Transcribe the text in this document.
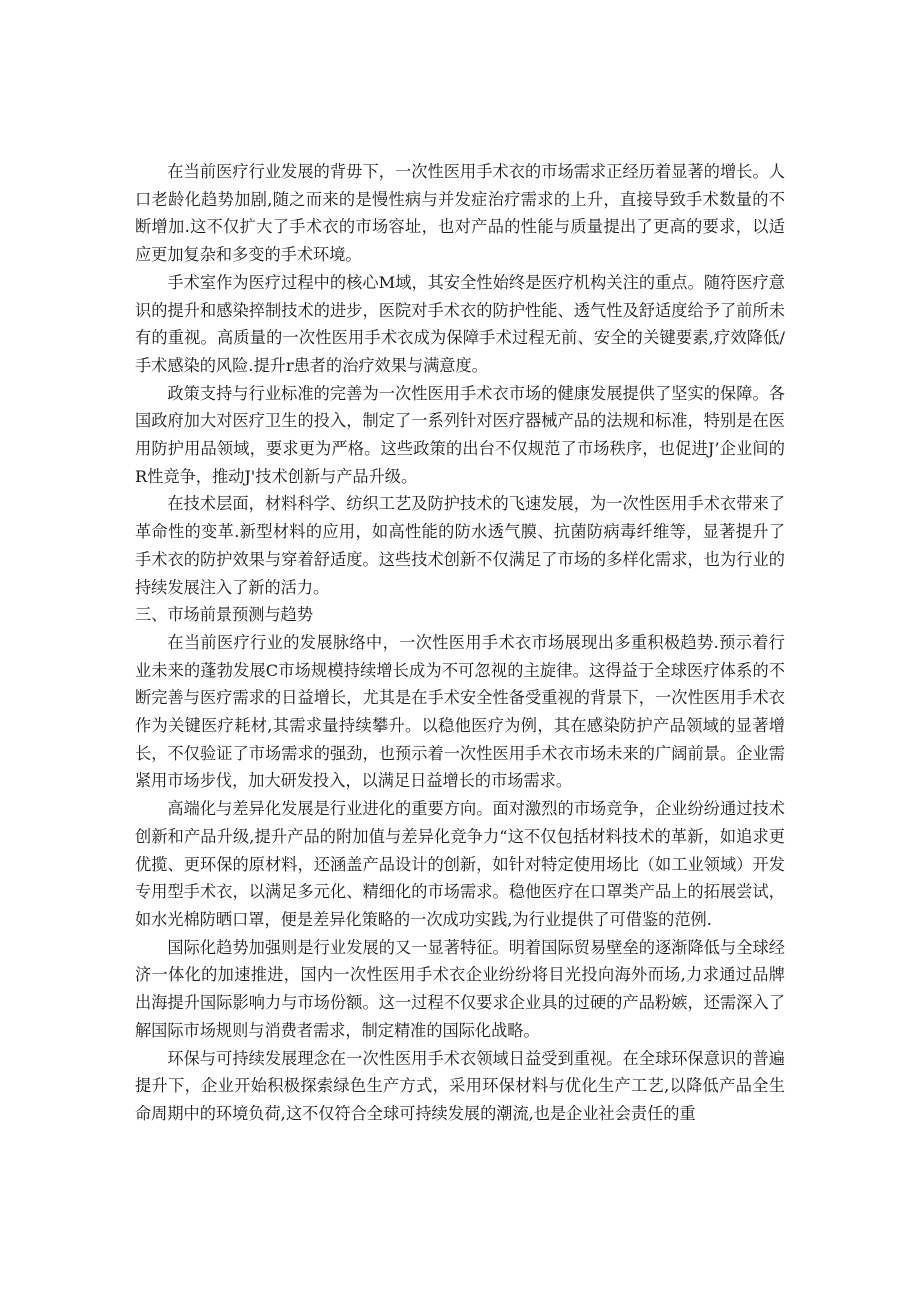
在当前医疗行业发展的背毋下，一次性医用手术衣的市场需求正经历着显著的增长。人口老龄化趋势加剧,随之而来的是慢性病与并发症治疗需求的上升，直接导致手术数量的不断增加.这不仅扩大了手术衣的市场容址，也对产品的性能与质量提出了更高的要求，以适应更加复杂和多变的手术环境。

手术室作为医疗过程中的核心M域，其安全性始终是医疗机构关注的重点。随符医疗意识的提升和感染捽制技术的进步，医院对手术衣的防护性能、透气性及舒适度给予了前所未有的重视。高质量的一次性医用手术衣成为保障手术过程无前、安全的关键要素,疗效降低/手术感染的风险.提升r患者的治疗效果与满意度。

政策支持与行业标准的完善为一次性医用手术衣市场的健康发展提供了坚实的保障。各国政府加大对医疗卫生的投入，制定了一系列针对医疗器械产品的法规和标准，特别是在医用防护用品领域，要求更为严格。这些政策的出台不仅规范了市场秩序，也促进J’企业间的R性竞争，推动J'技术创新与产品升级。

在技术层面，材料科学、纺织工艺及防护技术的飞速发展，为一次性医用手术衣带来了革命性的变革.新型材料的应用，如高性能的防水透气膜、抗菌防病毒纤维等，显著提升了手术衣的防护效果与穿着舒适度。这些技术创新不仅满足了市场的多样化需求，也为行业的持续发展注入了新的活力。

三、市场前景预测与趋势

在当前医疗行业的发展脉络中，一次性医用手术衣市场展现出多重积极趋势.预示着行业未来的蓬勃发展C市场规模持续增长成为不可忽视的主旋律。这得益于全球医疗体系的不断完善与医疗需求的日益增长，尤其是在手术安全性备受重视的背景下，一次性医用手术衣作为关键医疗耗材,其需求量持续攀升。以稳他医疗为例，其在感染防护产品领域的显著增长，不仅验证了市场需求的强劲，也预示着一次性医用手术衣市场未来的广阔前景。企业需紧用市场步伐，加大研发投入，以满足日益增长的市场需求。

高端化与差异化发展是行业进化的重要方向。面对激烈的市场竞争，企业纷纷通过技术创新和产品升级,提升产品的附加值与差异化竞争力“这不仅包括材料技术的革新，如追求更优揽、更环保的原材料，还涵盖产品设计的创新，如针对特定使用场比（如工业领域）开发专用型手术衣，以满足多元化、精细化的市场需求。稳他医疗在口罩类产品上的拓展尝试，如水光棉防晒口罩，便是差异化策略的一次成功实践,为行业提供了可借鉴的范例.

国际化趋势加强则是行业发展的又一显著特征。明着国际贸易壁垒的逐渐降低与全球经济一体化的加速推进，国内一次性医用手术衣企业纷纷将目光投向海外而场,力求通过品牌出海提升国际影响力与市场份额。这一过程不仅要求企业具的过硬的产品粉嫉，还需深入了解国际市场规则与消费者需求，制定精准的国际化战略。

环保与可持续发展理念在一次性医用手术衣领域日益受到重视。在全球环保意识的普遍提升下，企业开始积极探索绿色生产方式，采用环保材料与优化生产工艺,以降低产品全生命周期中的环境负荷,这不仅符合全球可持续发展的潮流,也是企业社会责任的重
